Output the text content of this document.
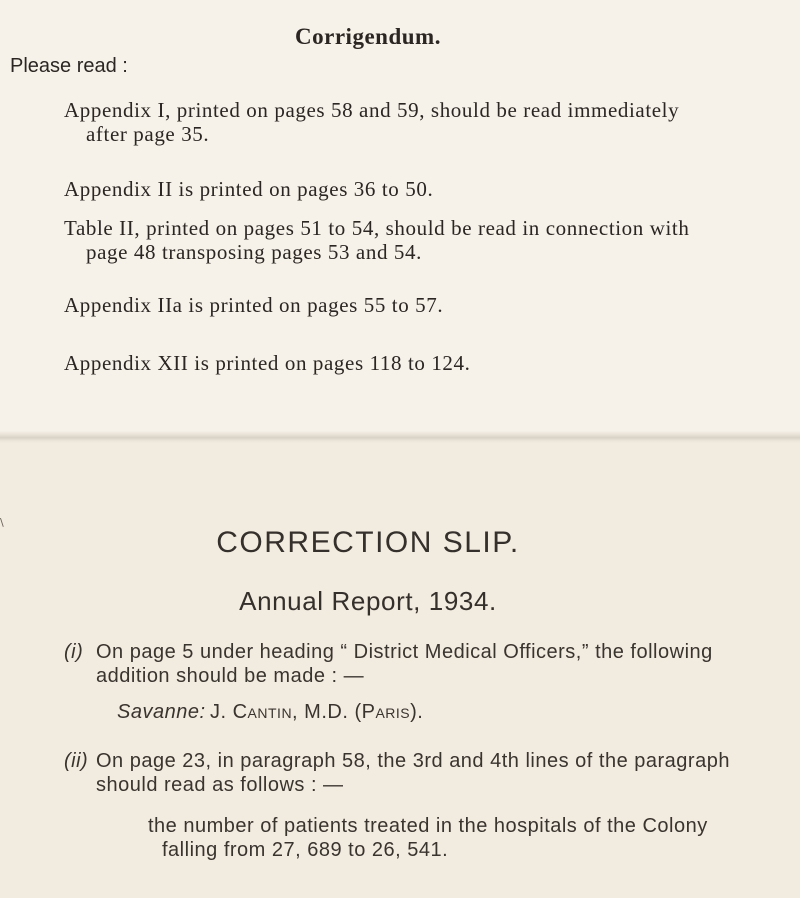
Corrigendum.

Please read :

Appendix I, printed on pages 58 and 59, should be read immediately

after page 35.

Appendix II is printed on pages 36 to 50.

Table II, printed on pages 51 to 54, should be read in connection with

page 48 transposing pages 53 and 54.

Appendix IIa is printed on pages 55 to 57.

Appendix XII is printed on pages 118 to 124.

\

CORRECTION SLIP.

Annual Report, 1934.

(i) On page 5 under heading “ District Medical Officers,” the following

addition should be made : —

Savanne: J. Cantin, M.D. (Paris).

(ii) On page 23, in paragraph 58, the 3rd and 4th lines of the paragraph

should read as follows : —

the number of patients treated in the hospitals of the Colony

falling from 27, 689 to 26, 541.
